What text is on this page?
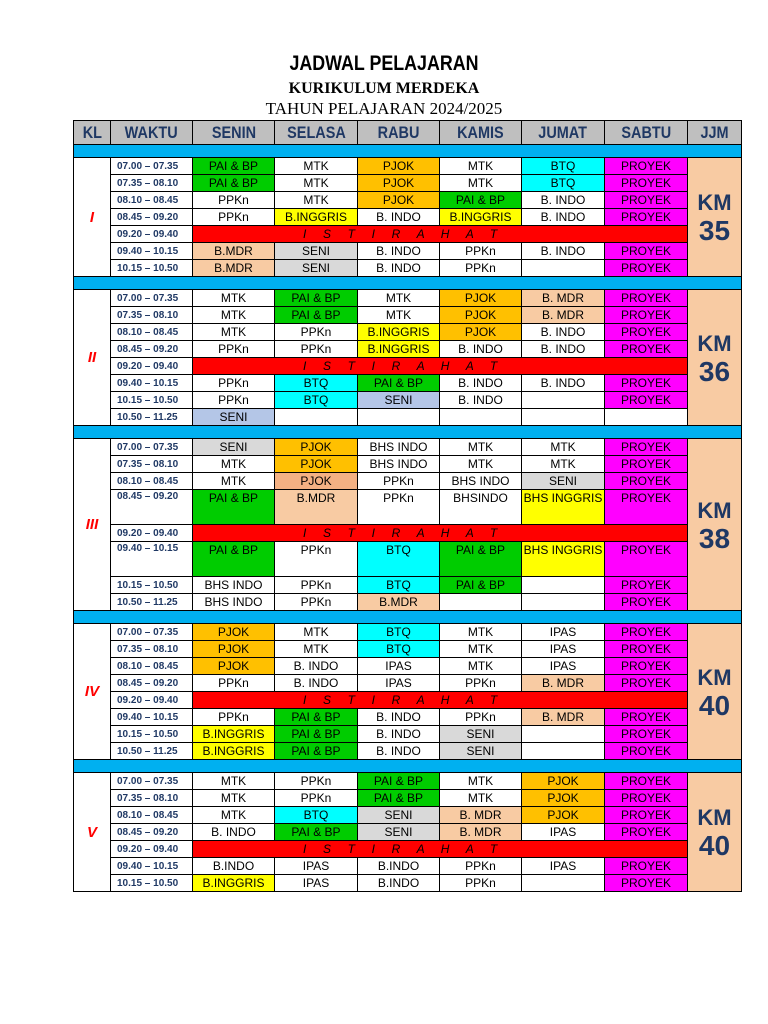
JADWAL PELAJARAN
KURIKULUM MERDEKA
TAHUN PELAJARAN 2024/2025
KL	WAKTU	SENIN	SELASA	RABU	KAMIS	JUMAT	SABTU	JJM

I	07.00 – 07.35	PAI & BP	MTK	PJOK	MTK	BTQ	PROYEK	KM
35

	07.35 – 08.10	PAI & BP	MTK	PJOK	MTK	BTQ	PROYEK	
	08.10 – 08.45	PPKn	MTK	PJOK	PAI & BP	B. INDO	PROYEK	
	08.45 – 09.20	PPKn	B.INGGRIS	B. INDO	B.INGGRIS	B. INDO	PROYEK	
	09.20 – 09.40	I     S     T     I     R     A     H     A     T						
	09.40 – 10.15	B.MDR	SENI	B. INDO	PPKn	B. INDO	PROYEK	
	10.15 – 10.50	B.MDR	SENI	B. INDO	PPKn		PROYEK	

II	07.00 – 07.35	MTK	PAI & BP	MTK	PJOK	B. MDR	PROYEK	KM
36

	07.35 – 08.10	MTK	PAI & BP	MTK	PJOK	B. MDR	PROYEK	
	08.10 – 08.45	MTK	PPKn	B.INGGRIS	PJOK	B. INDO	PROYEK	
	08.45 – 09.20	PPKn	PPKn	B.INGGRIS	B. INDO	B. INDO	PROYEK	
	09.20 – 09.40	I     S     T     I     R     A     H     A     T						
	09.40 – 10.15	PPKn	BTQ	PAI & BP	B. INDO	B. INDO	PROYEK	
	10.15 – 10.50	PPKn	BTQ	SENI	B. INDO		PROYEK	
	10.50 – 11.25	SENI						

III	07.00 – 07.35	SENI	PJOK	BHS INDO	MTK	MTK	PROYEK	KM
38

	07.35 – 08.10	MTK	PJOK	BHS INDO	MTK	MTK	PROYEK	
	08.10 – 08.45	MTK	PJOK	PPKn	BHS INDO	SENI	PROYEK	
	08.45 – 09.20	PAI & BP	B.MDR	PPKn	BHSINDO	BHS INGGRIS	PROYEK	
	09.20 – 09.40	I     S     T     I     R     A     H     A     T						
	09.40 – 10.15	PAI & BP	PPKn	BTQ	PAI & BP	BHS INGGRIS	PROYEK	
	10.15 – 10.50	BHS INDO	PPKn	BTQ	PAI & BP		PROYEK	
	10.50 – 11.25	BHS INDO	PPKn	B.MDR			PROYEK	

IV	07.00 – 07.35	PJOK	MTK	BTQ	MTK	IPAS	PROYEK	KM
40

	07.35 – 08.10	PJOK	MTK	BTQ	MTK	IPAS	PROYEK	
	08.10 – 08.45	PJOK	B. INDO	IPAS	MTK	IPAS	PROYEK	
	08.45 – 09.20	PPKn	B. INDO	IPAS	PPKn	B. MDR	PROYEK	
	09.20 – 09.40	I     S     T     I     R     A     H     A     T						
	09.40 – 10.15	PPKn	PAI & BP	B. INDO	PPKn	B. MDR	PROYEK	
	10.15 – 10.50	B.INGGRIS	PAI & BP	B. INDO	SENI		PROYEK	
	10.50 – 11.25	B.INGGRIS	PAI & BP	B. INDO	SENI		PROYEK	

V	07.00 – 07.35	MTK	PPKn	PAI & BP	MTK	PJOK	PROYEK	KM
40

	07.35 – 08.10	MTK	PPKn	PAI & BP	MTK	PJOK	PROYEK	
	08.10 – 08.45	MTK	BTQ	SENI	B. MDR	PJOK	PROYEK	
	08.45 – 09.20	B. INDO	PAI & BP	SENI	B. MDR	IPAS	PROYEK	
	09.20 – 09.40	I     S     T     I     R     A     H     A     T						
	09.40 – 10.15	B.INDO	IPAS	B.INDO	PPKn	IPAS	PROYEK	
	10.15 – 10.50	B.INGGRIS	IPAS	B.INDO	PPKn		PROYEK	
